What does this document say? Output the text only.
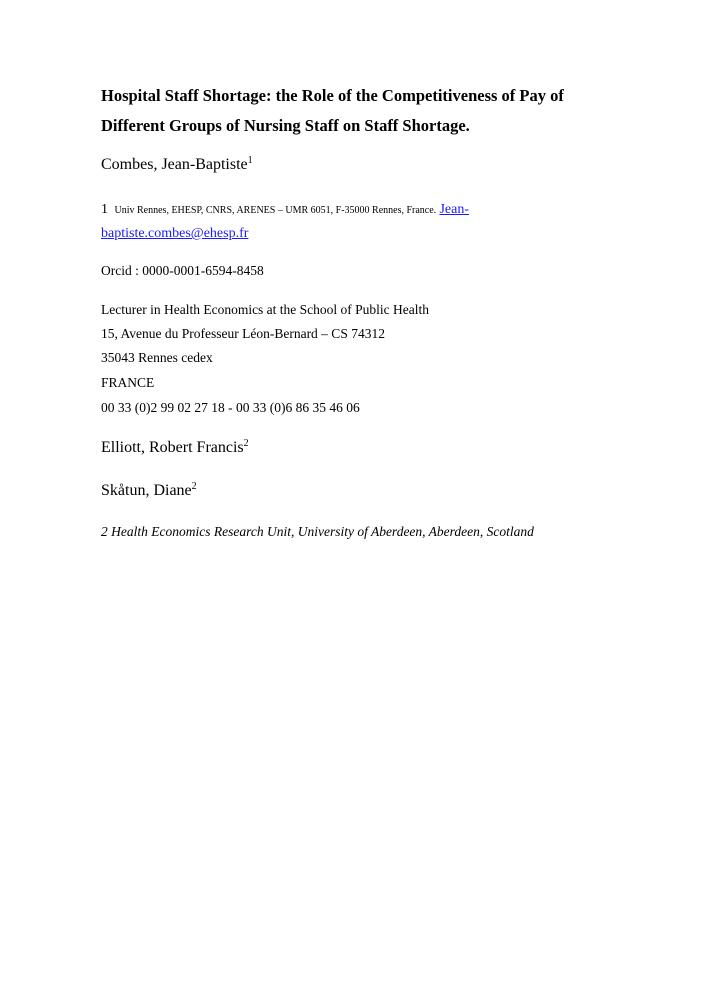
Hospital Staff Shortage: the Role of the Competitiveness of Pay of
Different Groups of Nursing Staff on Staff Shortage.
Combes, Jean-Baptiste$^1$
1 Univ Rennes, EHESP, CNRS, ARENES – UMR 6051, F-35000 Rennes, France. Jean-
baptiste.combes@ehesp.fr
Orcid : 0000-0001-6594-8458
Lecturer in Health Economics at the School of Public Health
15, Avenue du Professeur Léon-Bernard – CS 74312
35043 Rennes cedex
FRANCE
00 33 (0)2 99 02 27 18 - 00 33 (0)6 86 35 46 06
Elliott, Robert Francis$^2$
Skåtun, Diane$^2$
2 Health Economics Research Unit, University of Aberdeen, Aberdeen, Scotland
